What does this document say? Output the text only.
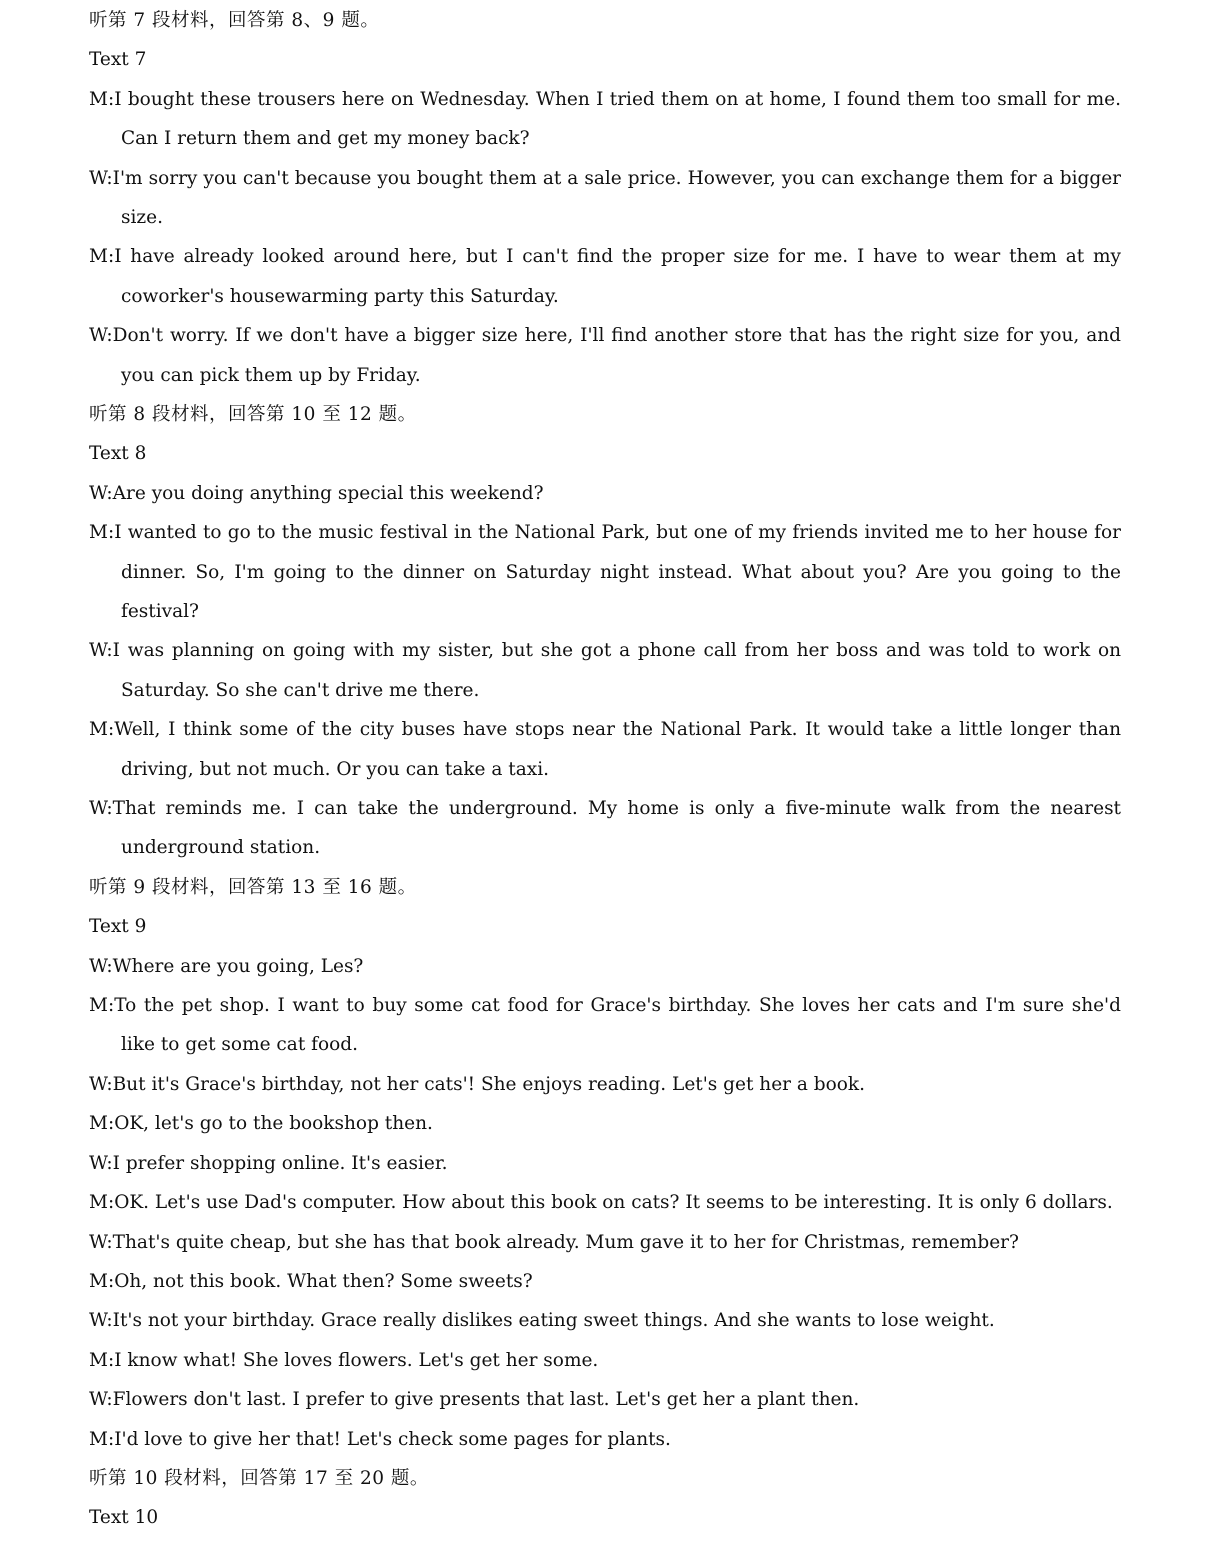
听第 7 段材料，回答第 8、9 题。
Text 7
M:I bought these trousers here on Wednesday. When I tried them on at home, I found them too small for me. Can I return them and get my money back?
W:I'm sorry you can't because you bought them at a sale price. However, you can exchange them for a bigger size.
M:I have already looked around here, but I can't find the proper size for me. I have to wear them at my coworker's housewarming party this Saturday.
W:Don't worry. If we don't have a bigger size here, I'll find another store that has the right size for you, and you can pick them up by Friday.
听第 8 段材料，回答第 10 至 12 题。
Text 8
W:Are you doing anything special this weekend?
M:I wanted to go to the music festival in the National Park, but one of my friends invited me to her house for dinner. So, I'm going to the dinner on Saturday night instead. What about you? Are you going to the festival?
W:I was planning on going with my sister, but she got a phone call from her boss and was told to work on Saturday. So she can't drive me there.
M:Well, I think some of the city buses have stops near the National Park. It would take a little longer than driving, but not much. Or you can take a taxi.
W:That reminds me. I can take the underground. My home is only a five-minute walk from the nearest underground station.
听第 9 段材料，回答第 13 至 16 题。
Text 9
W:Where are you going, Les?
M:To the pet shop. I want to buy some cat food for Grace's birthday. She loves her cats and I'm sure she'd like to get some cat food.
W:But it's Grace's birthday, not her cats'! She enjoys reading. Let's get her a book.
M:OK, let's go to the bookshop then.
W:I prefer shopping online. It's easier.
M:OK. Let's use Dad's computer. How about this book on cats? It seems to be interesting. It is only 6 dollars.
W:That's quite cheap, but she has that book already. Mum gave it to her for Christmas, remember?
M:Oh, not this book. What then? Some sweets?
W:It's not your birthday. Grace really dislikes eating sweet things. And she wants to lose weight.
M:I know what! She loves flowers. Let's get her some.
W:Flowers don't last. I prefer to give presents that last. Let's get her a plant then.
M:I'd love to give her that! Let's check some pages for plants.
听第 10 段材料，回答第 17 至 20 题。
Text 10
